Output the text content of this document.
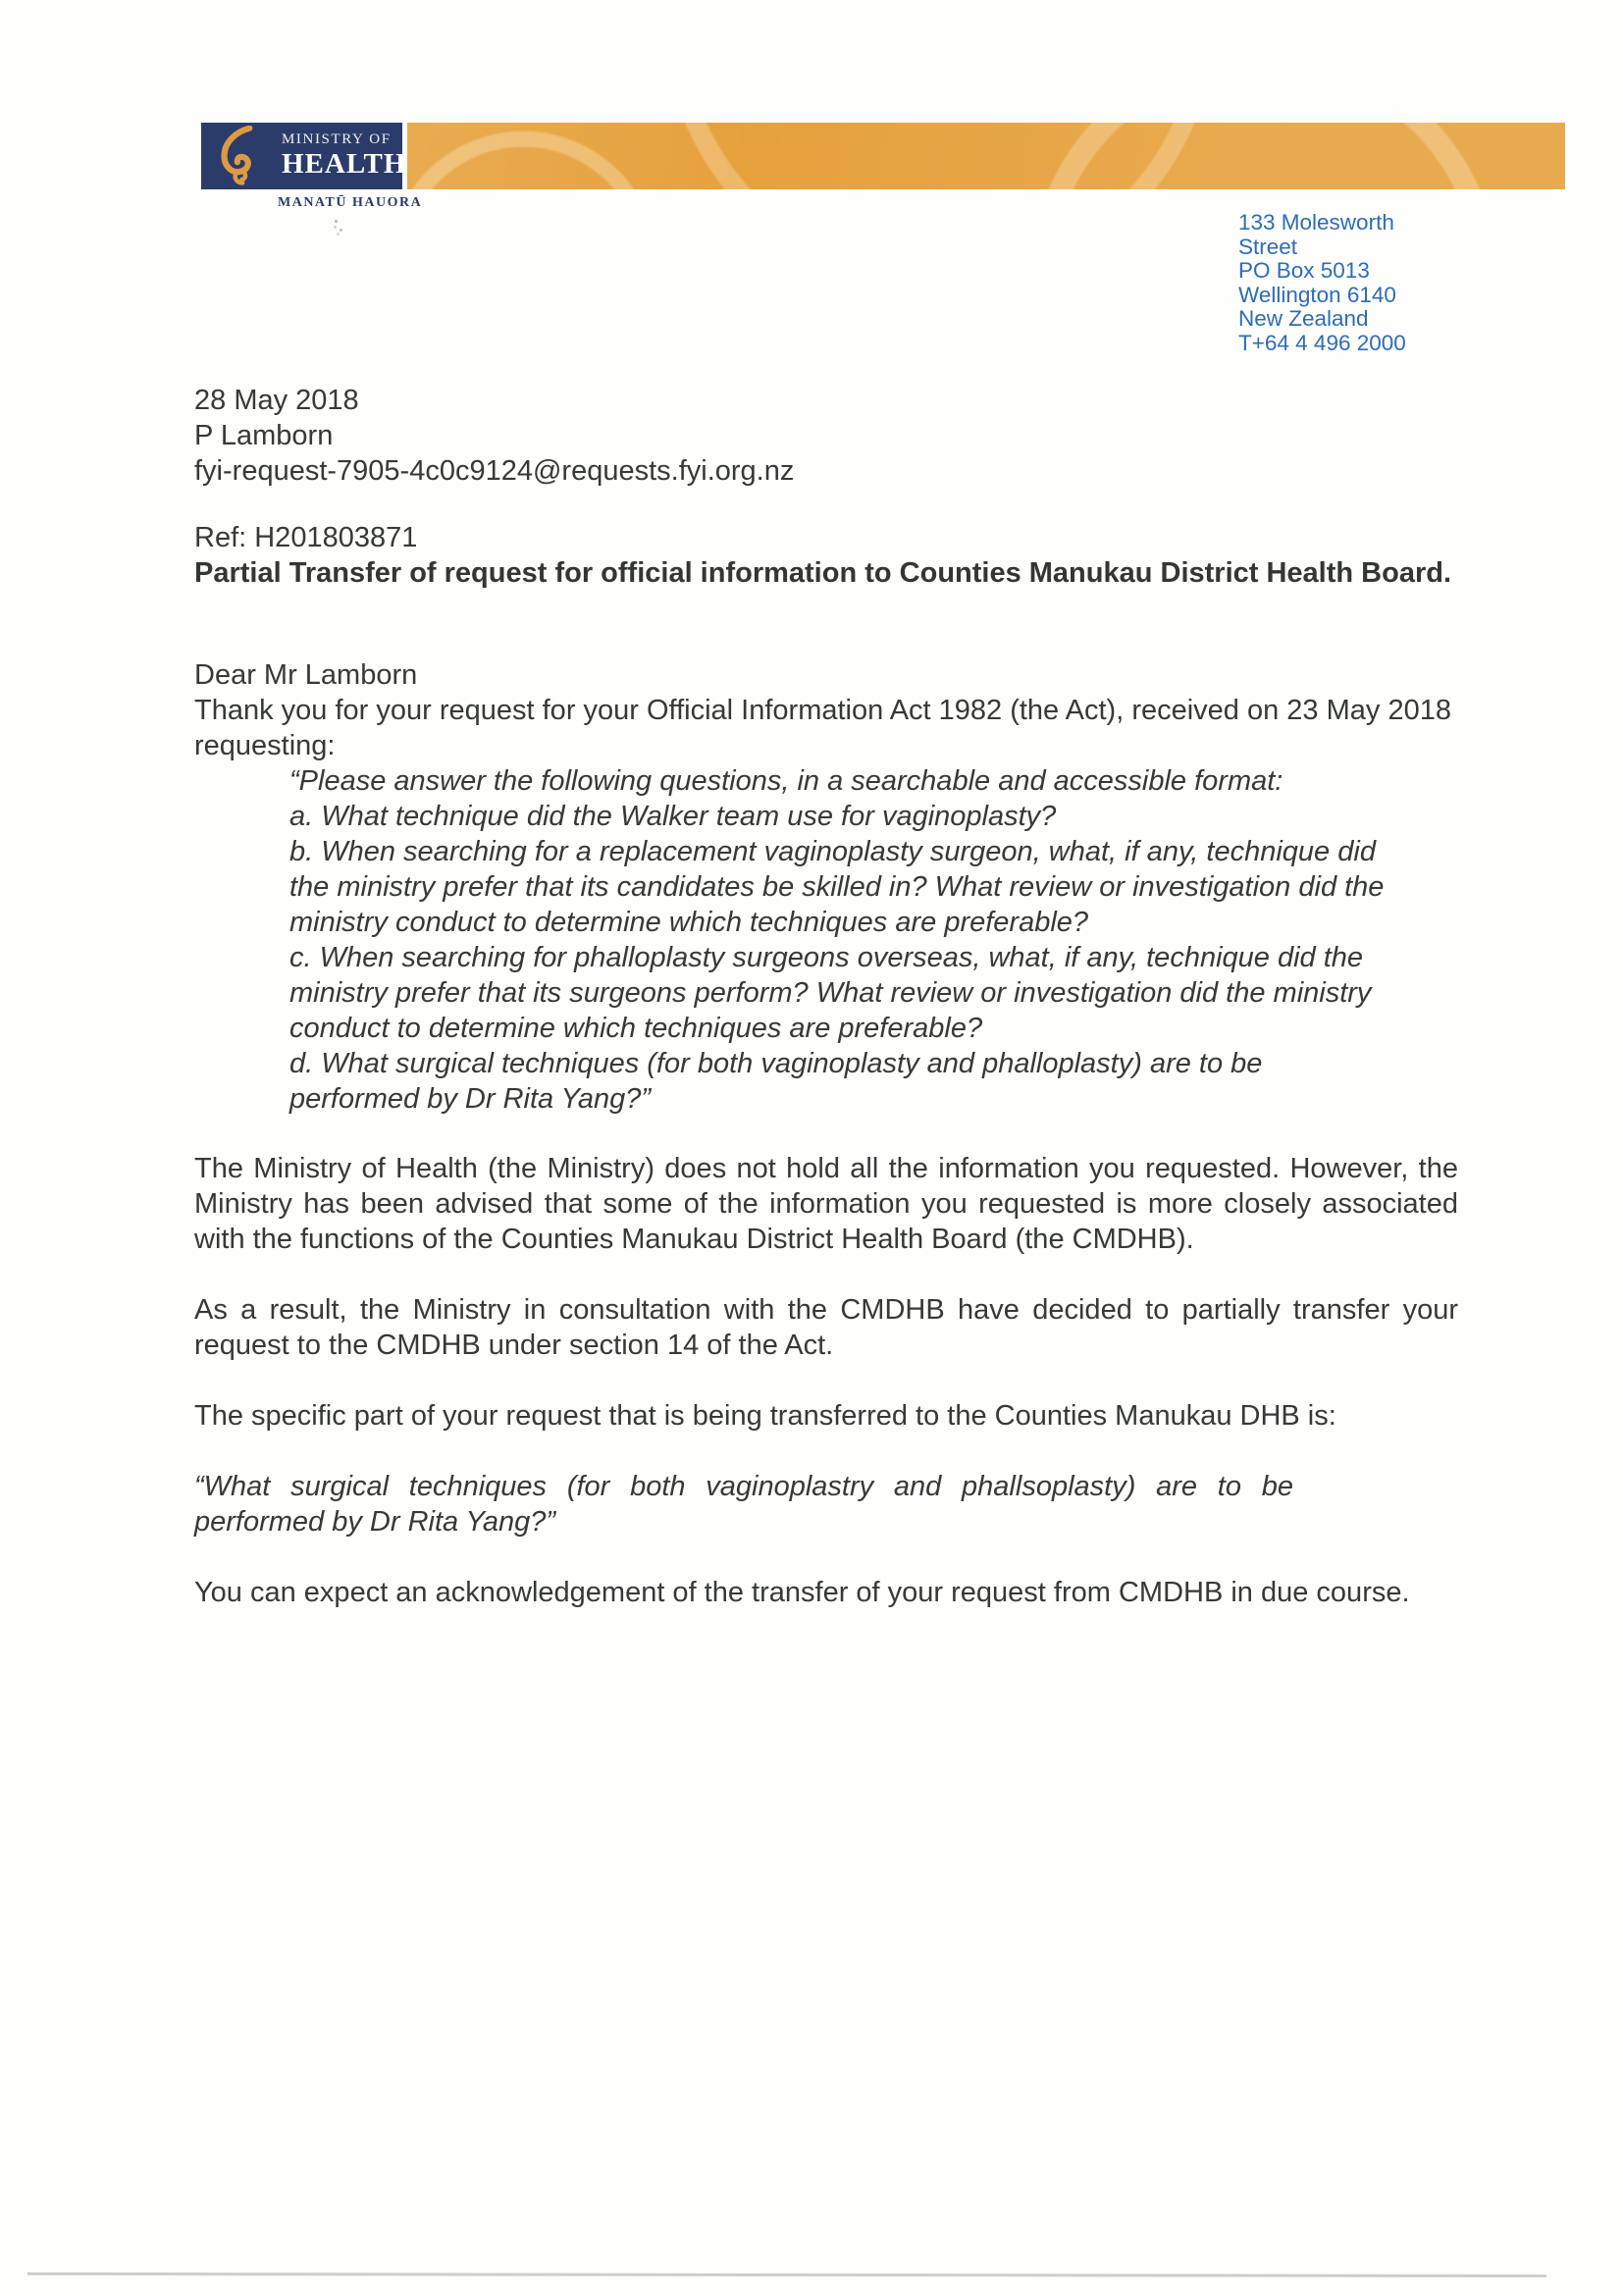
MINISTRY OF
HEALTH
MANATŪ HAUORA
133 Molesworth
Street
PO Box 5013
Wellington 6140
New Zealand
T+64 4 496 2000

28 May 2018

P Lamborn

fyi-request-7905-4c0c9124@requests.fyi.org.nz

Ref: H201803871

Partial Transfer of request for official information to Counties Manukau District Health Board.

Dear Mr Lamborn

Thank you for your request for your Official Information Act 1982 (the Act), received on 23 May 2018 requesting:

“Please answer the following questions, in a searchable and accessible format:

a. What technique did the Walker team use for vaginoplasty?

b. When searching for a replacement vaginoplasty surgeon, what, if any, technique did the ministry prefer that its candidates be skilled in? What review or investigation did the ministry conduct to determine which techniques are preferable?

c. When searching for phalloplasty surgeons overseas, what, if any, technique did the ministry prefer that its surgeons perform? What review or investigation did the ministry conduct to determine which techniques are preferable?

d. What surgical techniques (for both vaginoplasty and phalloplasty) are to be performed by Dr Rita Yang?”

The Ministry of Health (the Ministry) does not hold all the information you requested. However, the Ministry has been advised that some of the information you requested is more closely associated with the functions of the Counties Manukau District Health Board (the CMDHB).

As a result, the Ministry in consultation with the CMDHB have decided to partially transfer your request to the CMDHB under section 14 of the Act.

The specific part of your request that is being transferred to the Counties Manukau DHB is:

“What surgical techniques (for both vaginoplastry and phallsoplasty) are to be performed by Dr Rita Yang?”

You can expect an acknowledgement of the transfer of your request from CMDHB in due course.
